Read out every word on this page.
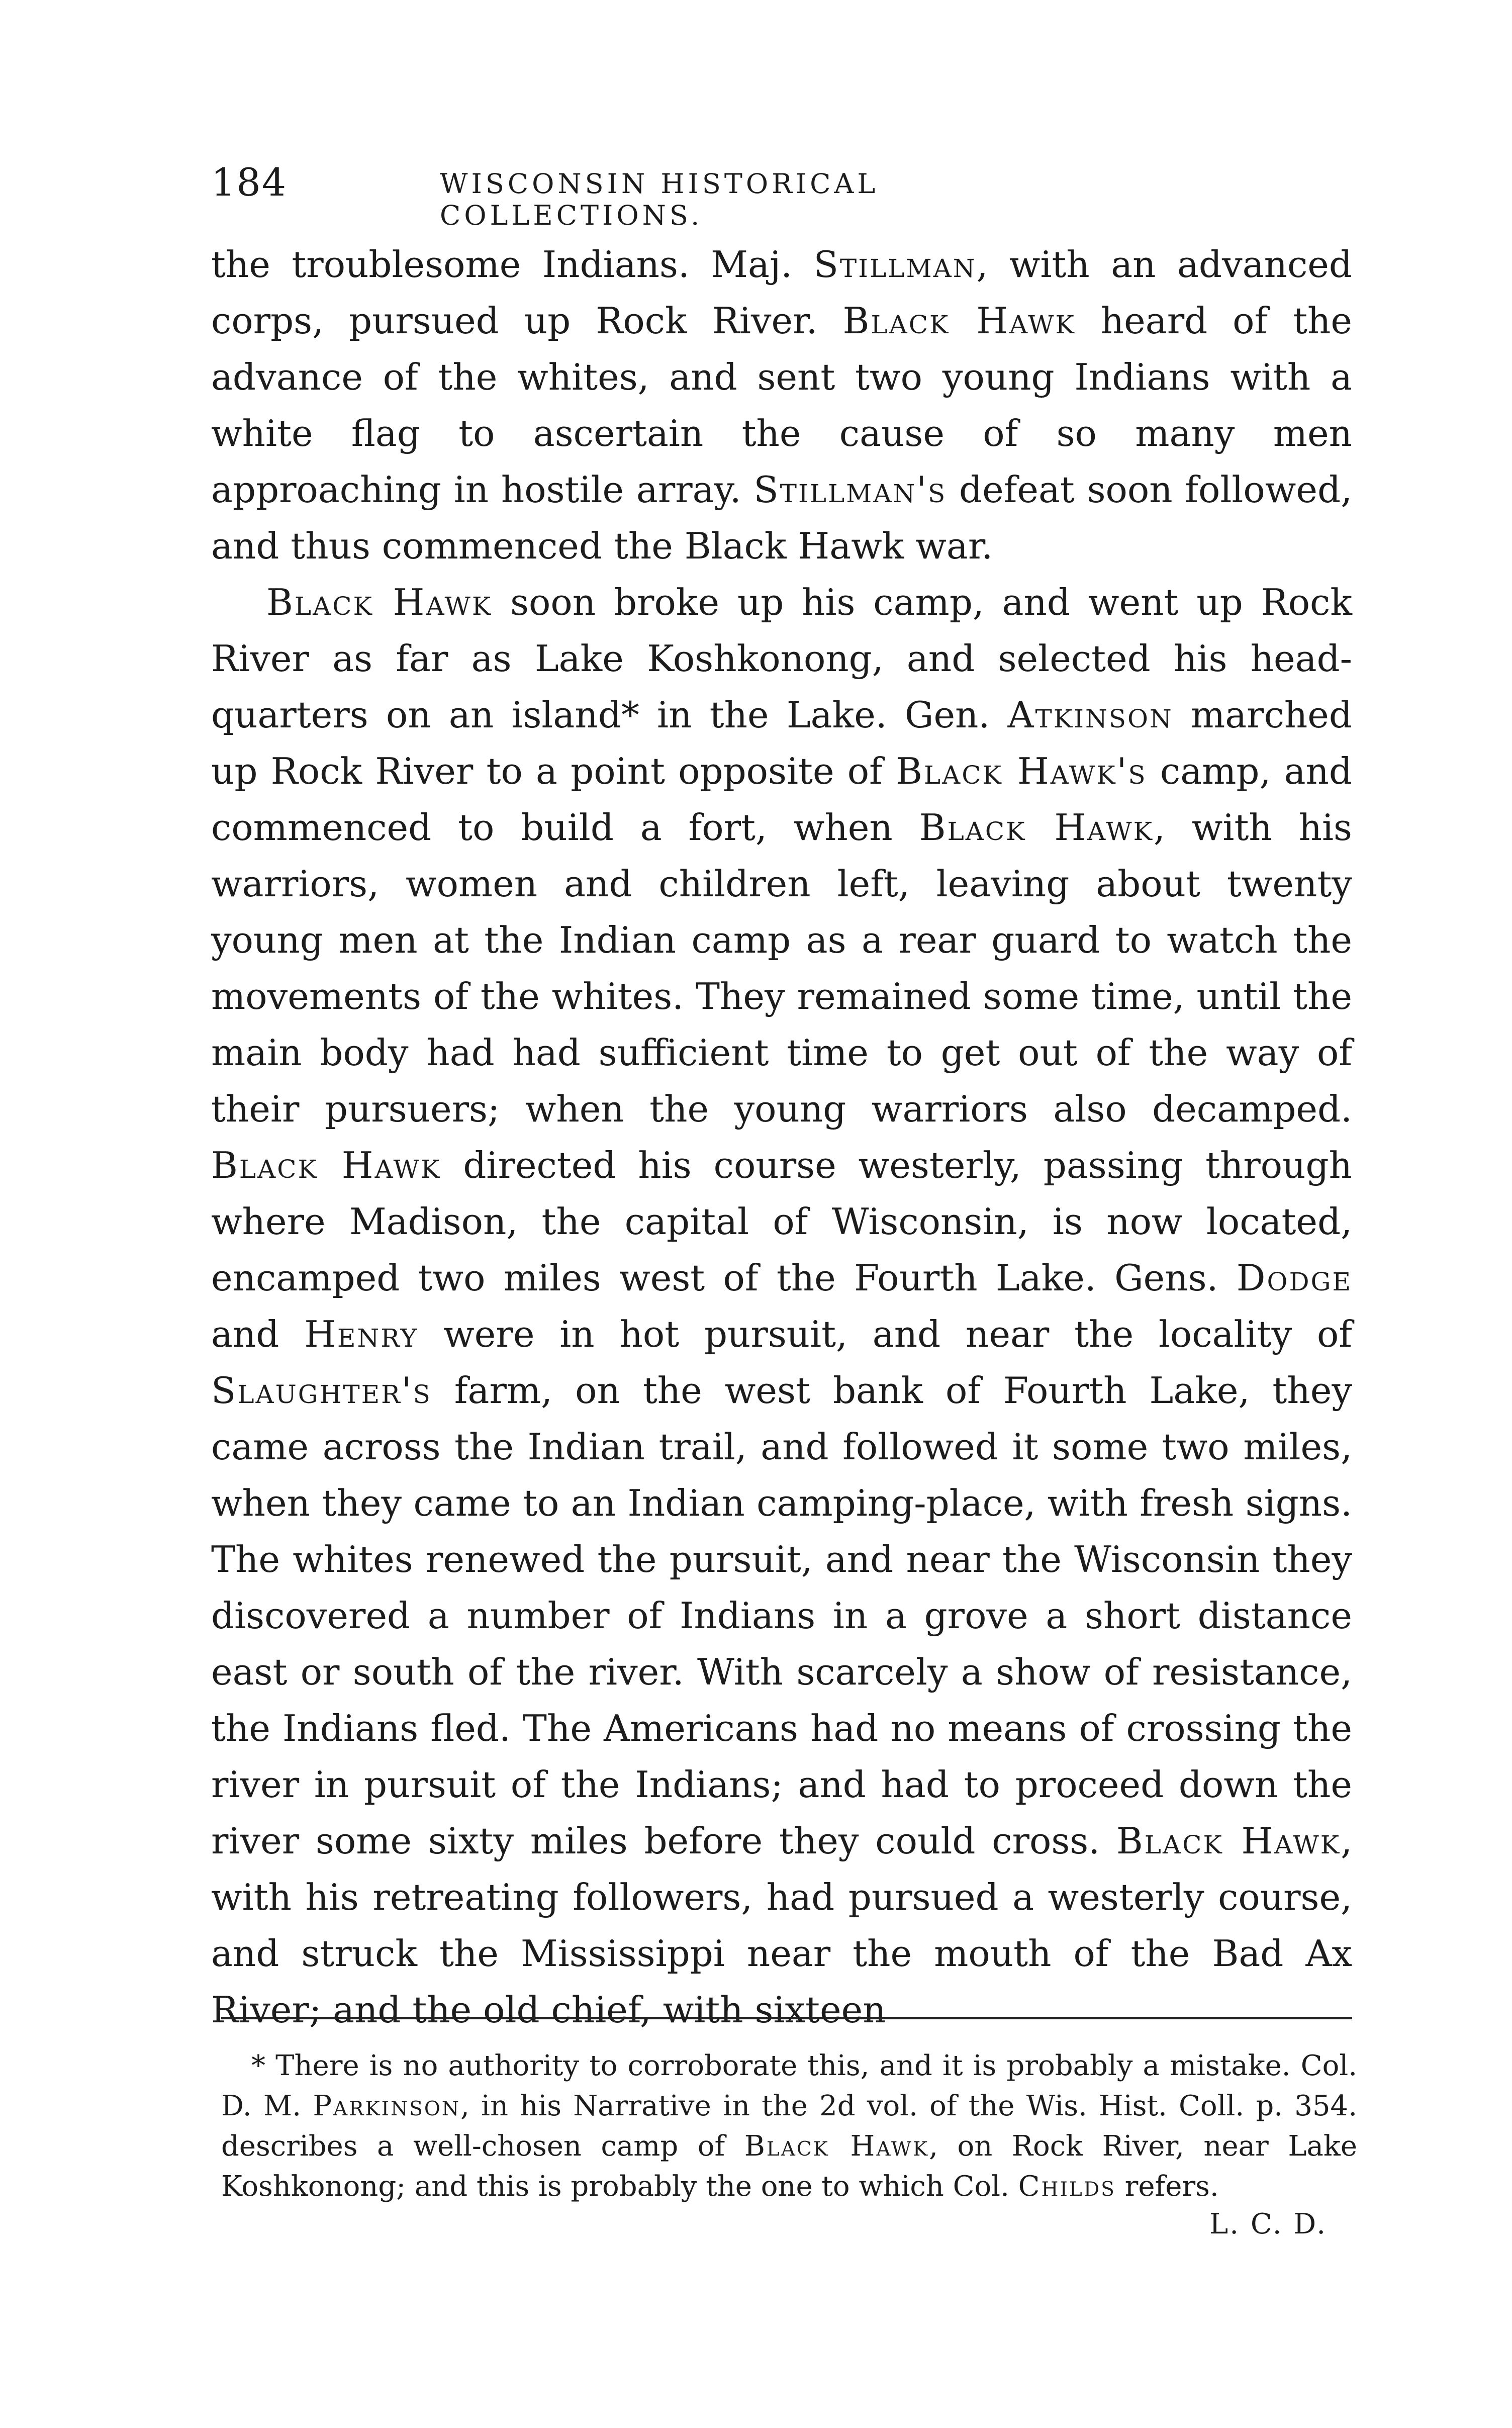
184	WISCONSIN HISTORICAL COLLECTIONS.

the troublesome Indians. Maj. Stillman, with an advanced corps, pursued up Rock River. Black Hawk heard of the advance of the whites, and sent two young Indians with a white flag to ascertain the cause of so many men approaching in hostile array. Stillman's defeat soon followed, and thus commenced the Black Hawk war.

Black Hawk soon broke up his camp, and went up Rock River as far as Lake Koshkonong, and selected his head-quarters on an island* in the Lake. Gen. Atkinson marched up Rock River to a point opposite of Black Hawk's camp, and commenced to build a fort, when Black Hawk, with his warriors, women and children left, leaving about twenty young men at the Indian camp as a rear guard to watch the movements of the whites. They remained some time, until the main body had had sufficient time to get out of the way of their pursuers; when the young warriors also decamped. Black Hawk directed his course westerly, passing through where Madison, the capital of Wisconsin, is now located, encamped two miles west of the Fourth Lake. Gens. Dodge and Henry were in hot pursuit, and near the locality of Slaughter's farm, on the west bank of Fourth Lake, they came across the Indian trail, and followed it some two miles, when they came to an Indian camping-place, with fresh signs. The whites renewed the pursuit, and near the Wisconsin they discovered a number of Indians in a grove a short distance east or south of the river. With scarcely a show of resistance, the Indians fled. The Americans had no means of crossing the river in pursuit of the Indians; and had to proceed down the river some sixty miles before they could cross. Black Hawk, with his retreating followers, had pursued a westerly course, and struck the Mississippi near the mouth of the Bad Ax River; and the old chief, with sixteen

* There is no authority to corroborate this, and it is probably a mistake. Col. D. M. Parkinson, in his Narrative in the 2d vol. of the Wis. Hist. Coll. p. 354. describes a well-chosen camp of Black Hawk, on Rock River, near Lake Koshkonong; and this is probably the one to which Col. Childs refers.

L. C. D.
